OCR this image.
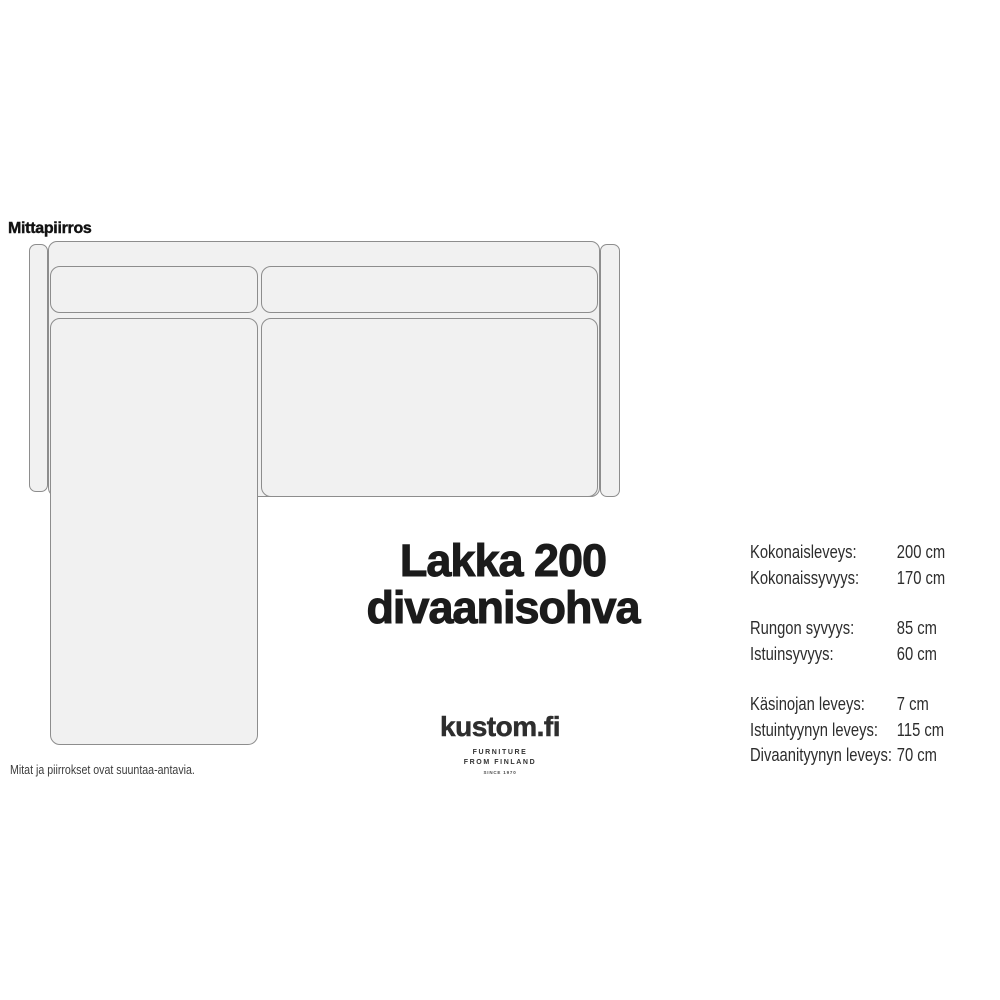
Mittapiirros
Lakka 200
divaanisohva
kustom.fi
FURNITURE
FROM FINLAND
SINCE 1970
Kokonaisleveys: 200 cm
Kokonaissyvyys: 170 cm
Rungon syvyys: 85 cm
Istuinsyvyys:	60 cm
Käsinojan leveys: 7 cm
Istuintyynyn leveys: 115 cm
Divaanityynyn leveys: 70 cm
Mitat ja piirrokset ovat suuntaa-antavia.
